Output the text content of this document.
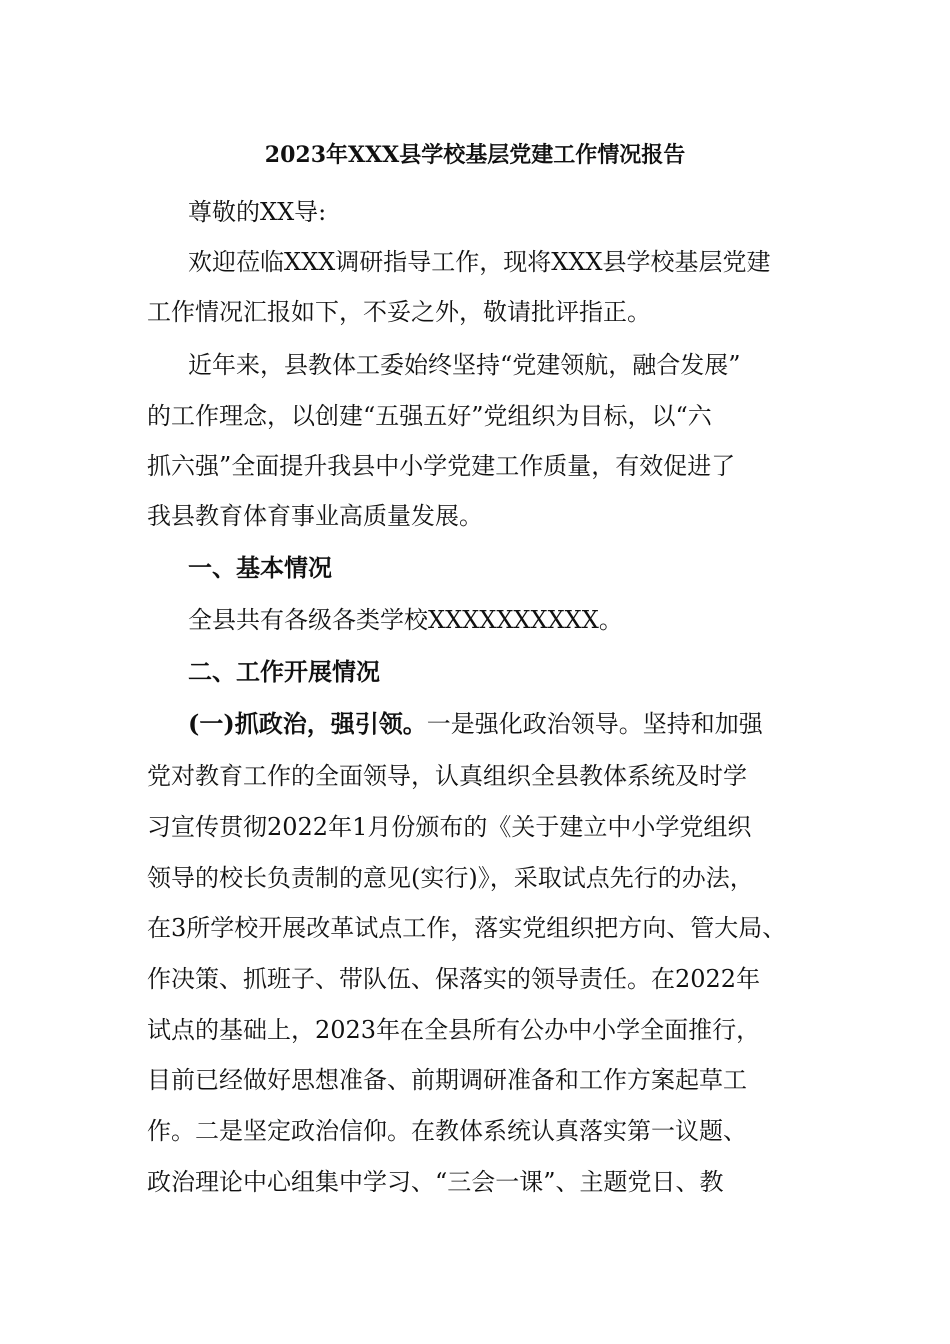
2023年XXX县学校基层党建工作情况报告
尊敬的XX导:
欢迎莅临XXX调研指导工作，现将XXX县学校基层党建
工作情况汇报如下，不妥之外，敬请批评指正。
近年来，县教体工委始终坚持“党建领航，融合发展”
的工作理念，以创建“五强五好”党组织为目标，以“六
抓六强”全面提升我县中小学党建工作质量，有效促进了
我县教育体育事业高质量发展。
一、基本情况
全县共有各级各类学校XXXXXXXXXX。
二、工作开展情况
(一)抓政治，强引领。一是强化政治领导。坚持和加强
党对教育工作的全面领导，认真组织全县教体系统及时学
习宣传贯彻2022年1月份颁布的《关于建立中小学党组织
领导的校长负责制的意见(实行)》，采取试点先行的办法，
在3所学校开展改革试点工作，落实党组织把方向、管大局、
作决策、抓班子、带队伍、保落实的领导责任。在2022年
试点的基础上，2023年在全县所有公办中小学全面推行，
目前已经做好思想准备、前期调研准备和工作方案起草工
作。二是坚定政治信仰。在教体系统认真落实第一议题、
政治理论中心组集中学习、“三会一课”、主题党日、教
